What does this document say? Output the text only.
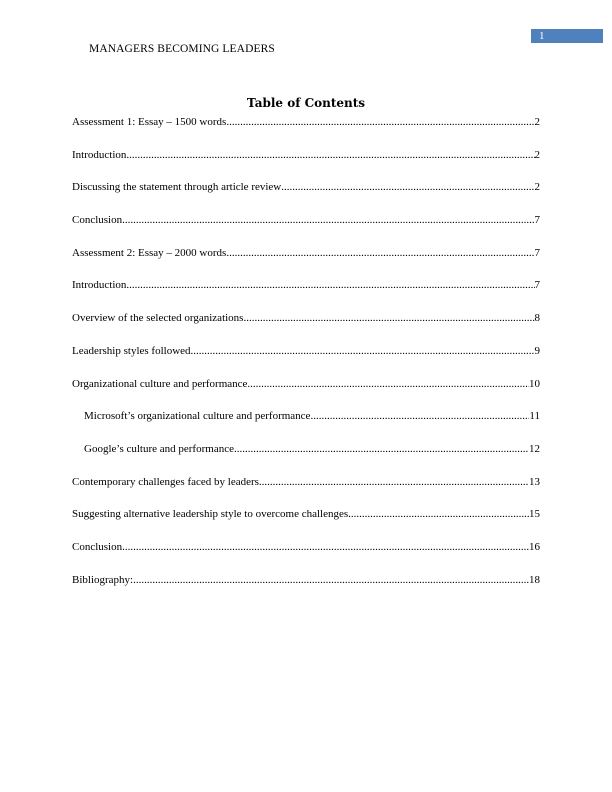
1
MANAGERS BECOMING LEADERS
Table of Contents
Assessment 1: Essay – 1500 words .....	2
Introduction .....	2
Discussing the statement through article review .....	2
Conclusion .....	7
Assessment 2: Essay – 2000 words .....	7
Introduction .....	7
Overview of the selected organizations .....	8
Leadership styles followed .....	9
Organizational culture and performance .....	10
Microsoft’s organizational culture and performance .....	11
Google’s culture and performance .....	12
Contemporary challenges faced by leaders .....	13
Suggesting alternative leadership style to overcome challenges .....	15
Conclusion .....	16
Bibliography: .....	18
